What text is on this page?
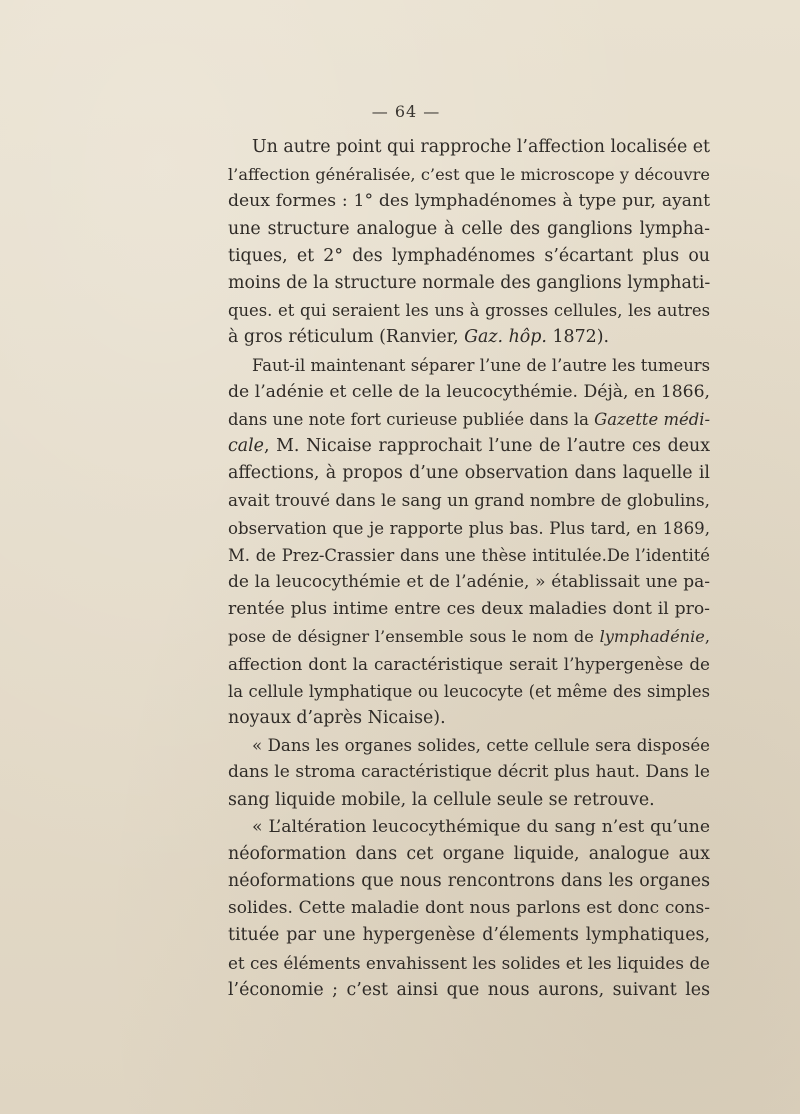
— 64 —
Un autre point qui rapproche l’affection localisée et
l’affection généralisée, c’est que le microscope y découvre
deux formes : 1° des lymphadénomes à type pur, ayant
une structure analogue à celle des ganglions lympha-
tiques, et 2° des lymphadénomes s’écartant plus ou
moins de la structure normale des ganglions lymphati-
ques. et qui seraient les uns à grosses cellules, les autres
à gros réticulum (Ranvier, Gaz. hôp. 1872).
Faut-il maintenant séparer l’une de l’autre les tumeurs
de l’adénie et celle de la leucocythémie. Déjà, en 1866,
dans une note fort curieuse publiée dans la Gazette médi-
cale, M. Nicaise rapprochait l’une de l’autre ces deux
affections, à propos d’une observation dans laquelle il
avait trouvé dans le sang un grand nombre de globulins,
observation que je rapporte plus bas. Plus tard, en 1869,
M. de Prez-Crassier dans une thèse intitulée.De l’identité
de la leucocythémie et de l’adénie, » établissait une pa-
rentée plus intime entre ces deux maladies dont il pro-
pose de désigner l’ensemble sous le nom de lymphadénie,
affection dont la caractéristique serait l’hypergenèse de
la cellule lymphatique ou leucocyte (et même des simples
noyaux d’après Nicaise).
« Dans les organes solides, cette cellule sera disposée
dans le stroma caractéristique décrit plus haut. Dans le
sang liquide mobile, la cellule seule se retrouve.
« L’altération leucocythémique du sang n’est qu’une
néoformation dans cet organe liquide, analogue aux
néoformations que nous rencontrons dans les organes
solides. Cette maladie dont nous parlons est donc cons-
tituée par une hypergenèse d’élements lymphatiques,
et ces éléments envahissent les solides et les liquides de
l’économie ; c’est ainsi que nous aurons, suivant les
